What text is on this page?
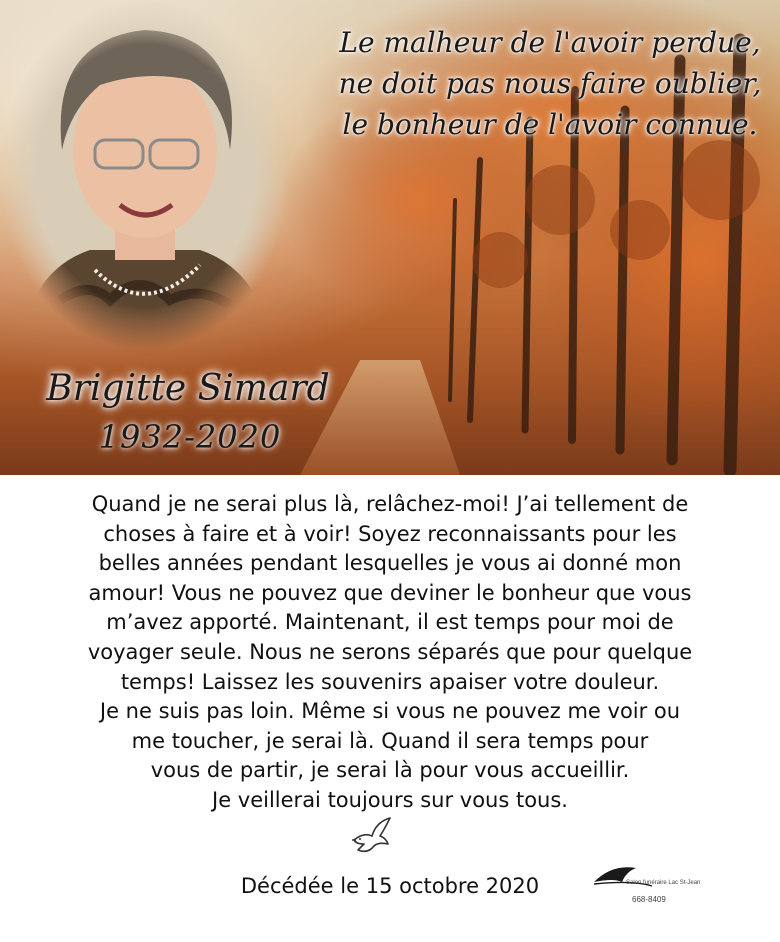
Le malheur de l'avoir perdue,
ne doit pas nous faire oublier,
le bonheur de l'avoir connue.
Brigitte Simard
1932-2020
Quand je ne serai plus là, relâchez-moi! J’ai tellement de
choses à faire et à voir! Soyez reconnaissants pour les
belles années pendant lesquelles je vous ai donné mon
amour! Vous ne pouvez que deviner le bonheur que vous
m’avez apporté. Maintenant, il est temps pour moi de
voyager seule. Nous ne serons séparés que pour quelque
temps! Laissez les souvenirs apaiser votre douleur.
Je ne suis pas loin. Même si vous ne pouvez me voir ou
me toucher, je serai là. Quand il sera temps pour
vous de partir, je serai là pour vous accueillir.
Je veillerai toujours sur vous tous.
Décédée le 15 octobre 2020	Salon funéraire Lac St-Jean
668-8409
